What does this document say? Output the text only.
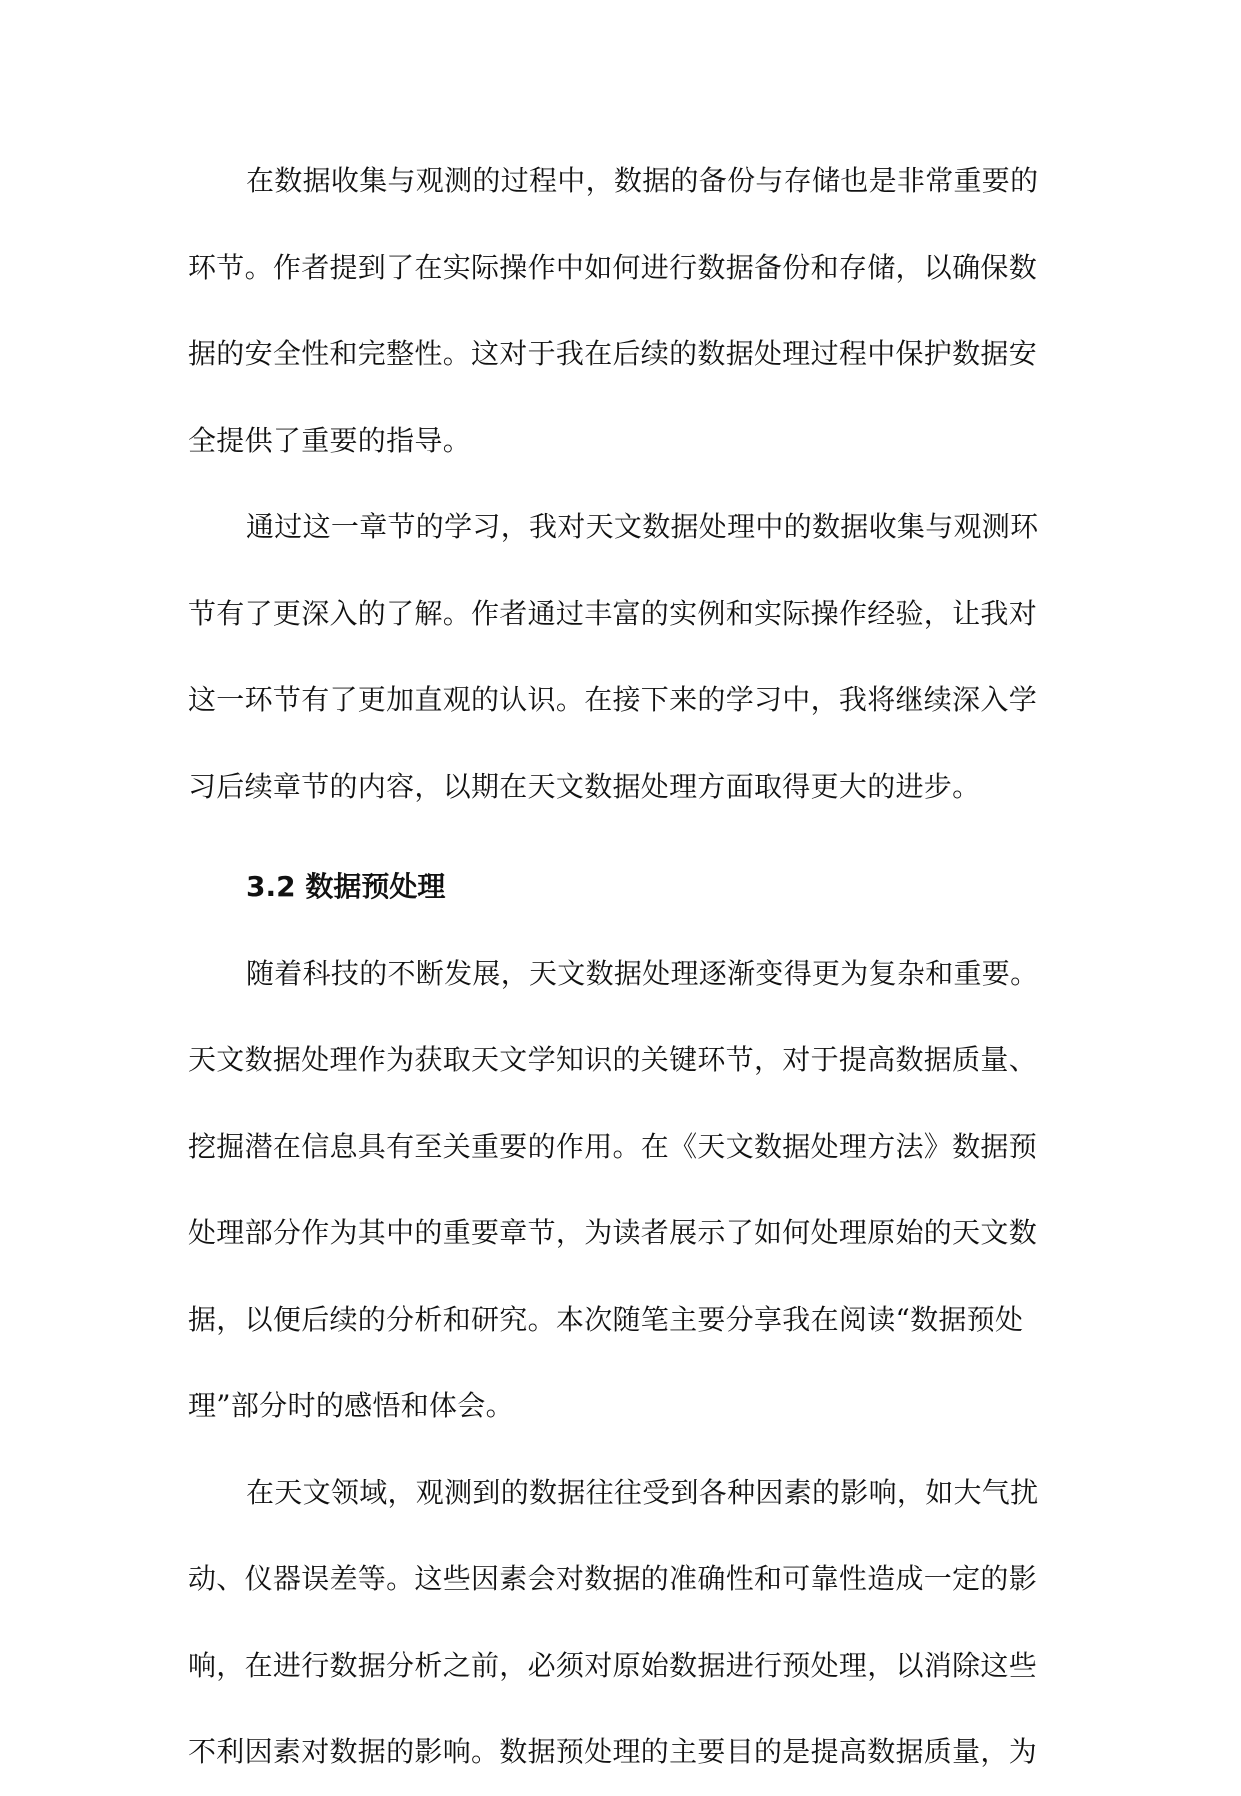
在数据收集与观测的过程中，数据的备份与存储也是非常重要的
环节。作者提到了在实际操作中如何进行数据备份和存储，以确保数
据的安全性和完整性。这对于我在后续的数据处理过程中保护数据安
全提供了重要的指导。
通过这一章节的学习，我对天文数据处理中的数据收集与观测环
节有了更深入的了解。作者通过丰富的实例和实际操作经验，让我对
这一环节有了更加直观的认识。在接下来的学习中，我将继续深入学
习后续章节的内容，以期在天文数据处理方面取得更大的进步。
3.2 数据预处理
随着科技的不断发展，天文数据处理逐渐变得更为复杂和重要。
天文数据处理作为获取天文学知识的关键环节，对于提高数据质量、
挖掘潜在信息具有至关重要的作用。在《天文数据处理方法》数据预
处理部分作为其中的重要章节，为读者展示了如何处理原始的天文数
据，以便后续的分析和研究。本次随笔主要分享我在阅读“数据预处
理”部分时的感悟和体会。
在天文领域，观测到的数据往往受到各种因素的影响，如大气扰
动、仪器误差等。这些因素会对数据的准确性和可靠性造成一定的影
响，在进行数据分析之前，必须对原始数据进行预处理，以消除这些
不利因素对数据的影响。数据预处理的主要目的是提高数据质量，为
